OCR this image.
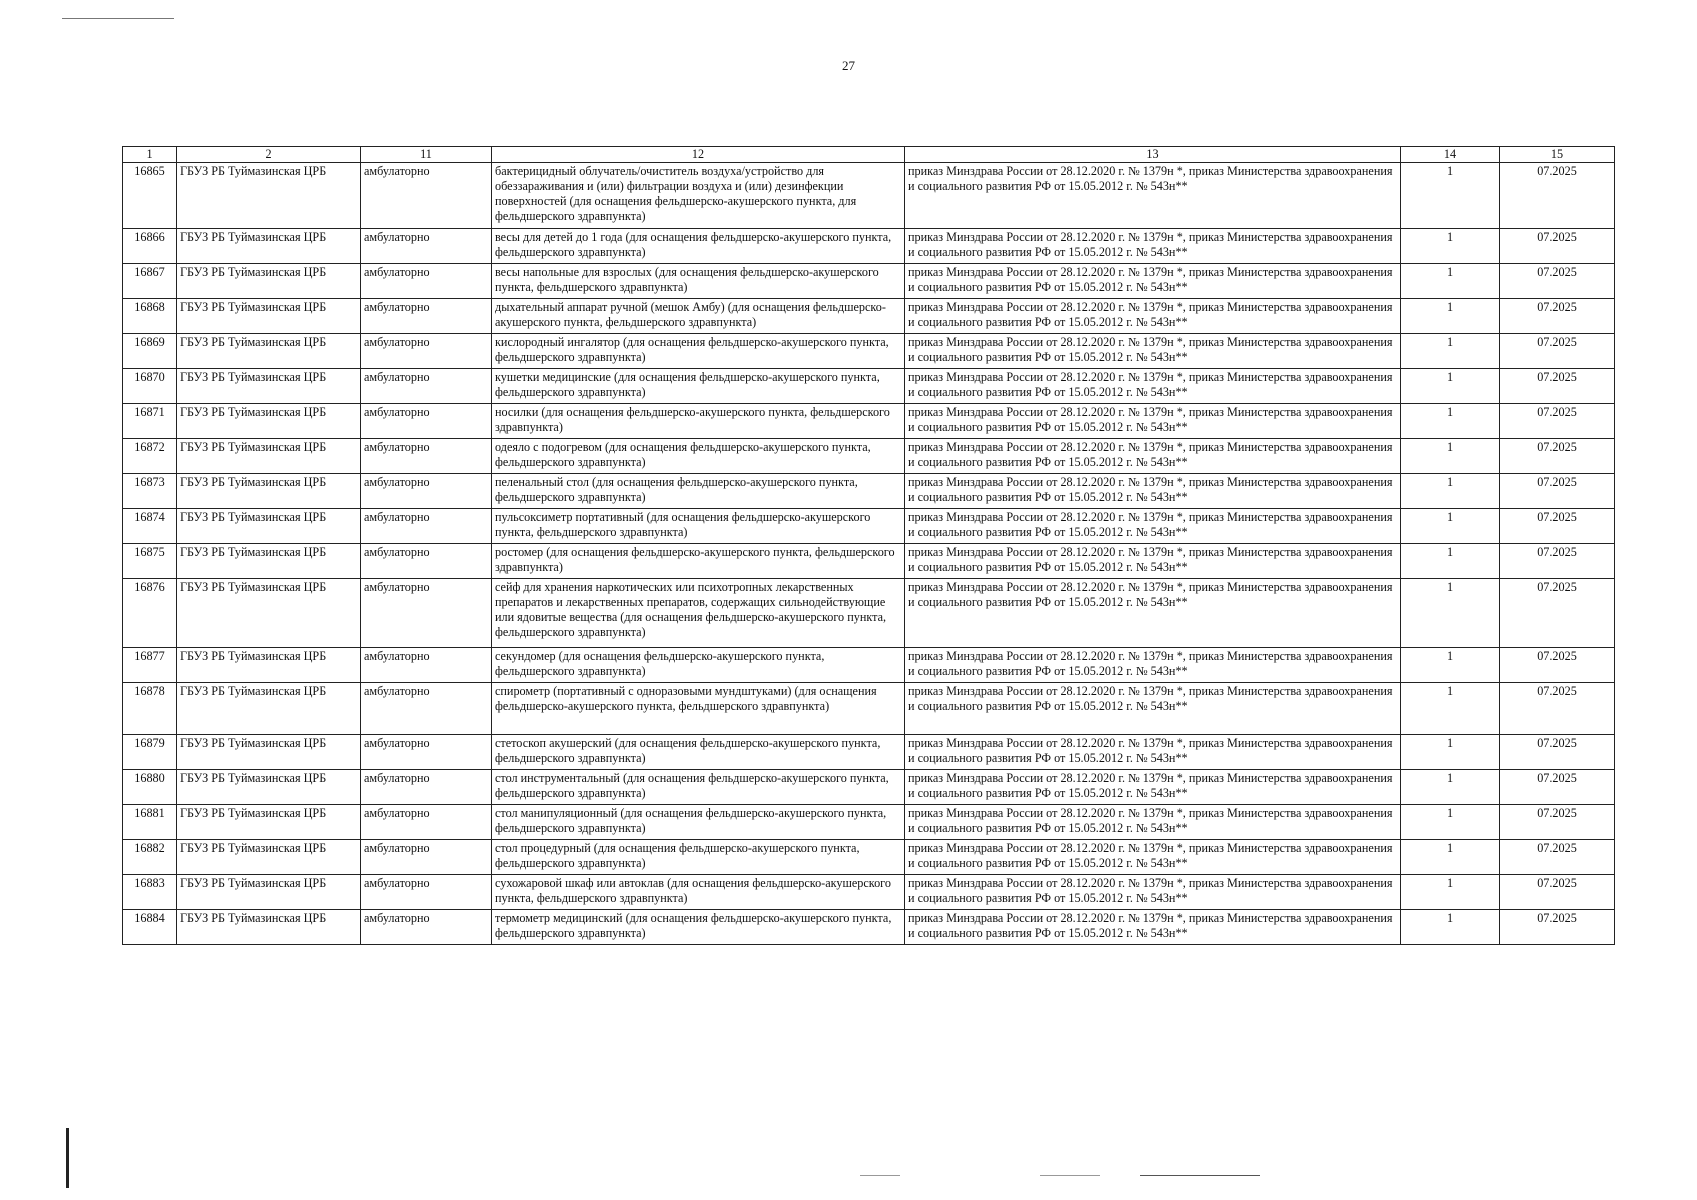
27
1	2	11	12	13	14	15
16865	ГБУЗ РБ Туймазинская ЦРБ	амбулаторно	бактерицидный облучатель/очиститель воздуха/устройство для обеззараживания и (или) фильтрации воздуха и (или) дезинфекции поверхностей (для оснащения фельдшерско-акушерского пункта, для фельдшерского здравпункта)	приказ Минздрава России от 28.12.2020 г. № 1379н *, приказ Министерства здравоохранения и социального развития РФ от 15.05.2012 г. № 543н**	1	07.2025
16866	ГБУЗ РБ Туймазинская ЦРБ	амбулаторно	весы для детей до 1 года (для оснащения фельдшерско-акушерского пункта, фельдшерского здравпункта)	приказ Минздрава России от 28.12.2020 г. № 1379н *, приказ Министерства здравоохранения и социального развития РФ от 15.05.2012 г. № 543н**	1	07.2025
16867	ГБУЗ РБ Туймазинская ЦРБ	амбулаторно	весы напольные для взрослых (для оснащения фельдшерско-акушерского пункта, фельдшерского здравпункта)	приказ Минздрава России от 28.12.2020 г. № 1379н *, приказ Министерства здравоохранения и социального развития РФ от 15.05.2012 г. № 543н**	1	07.2025
16868	ГБУЗ РБ Туймазинская ЦРБ	амбулаторно	дыхательный аппарат ручной (мешок Амбу) (для оснащения фельдшерско-акушерского пункта, фельдшерского здравпункта)	приказ Минздрава России от 28.12.2020 г. № 1379н *, приказ Министерства здравоохранения и социального развития РФ от 15.05.2012 г. № 543н**	1	07.2025
16869	ГБУЗ РБ Туймазинская ЦРБ	амбулаторно	кислородный ингалятор (для оснащения фельдшерско-акушерского пункта, фельдшерского здравпункта)	приказ Минздрава России от 28.12.2020 г. № 1379н *, приказ Министерства здравоохранения и социального развития РФ от 15.05.2012 г. № 543н**	1	07.2025
16870	ГБУЗ РБ Туймазинская ЦРБ	амбулаторно	кушетки медицинские (для оснащения фельдшерско-акушерского пункта, фельдшерского здравпункта)	приказ Минздрава России от 28.12.2020 г. № 1379н *, приказ Министерства здравоохранения и социального развития РФ от 15.05.2012 г. № 543н**	1	07.2025
16871	ГБУЗ РБ Туймазинская ЦРБ	амбулаторно	носилки (для оснащения фельдшерско-акушерского пункта, фельдшерского здравпункта)	приказ Минздрава России от 28.12.2020 г. № 1379н *, приказ Министерства здравоохранения и социального развития РФ от 15.05.2012 г. № 543н**	1	07.2025
16872	ГБУЗ РБ Туймазинская ЦРБ	амбулаторно	одеяло с подогревом (для оснащения фельдшерско-акушерского пункта, фельдшерского здравпункта)	приказ Минздрава России от 28.12.2020 г. № 1379н *, приказ Министерства здравоохранения и социального развития РФ от 15.05.2012 г. № 543н**	1	07.2025
16873	ГБУЗ РБ Туймазинская ЦРБ	амбулаторно	пеленальный стол (для оснащения фельдшерско-акушерского пункта, фельдшерского здравпункта)	приказ Минздрава России от 28.12.2020 г. № 1379н *, приказ Министерства здравоохранения и социального развития РФ от 15.05.2012 г. № 543н**	1	07.2025
16874	ГБУЗ РБ Туймазинская ЦРБ	амбулаторно	пульсоксиметр портативный (для оснащения фельдшерско-акушерского пункта, фельдшерского здравпункта)	приказ Минздрава России от 28.12.2020 г. № 1379н *, приказ Министерства здравоохранения и социального развития РФ от 15.05.2012 г. № 543н**	1	07.2025
16875	ГБУЗ РБ Туймазинская ЦРБ	амбулаторно	ростомер (для оснащения фельдшерско-акушерского пункта, фельдшерского здравпункта)	приказ Минздрава России от 28.12.2020 г. № 1379н *, приказ Министерства здравоохранения и социального развития РФ от 15.05.2012 г. № 543н**	1	07.2025
16876	ГБУЗ РБ Туймазинская ЦРБ	амбулаторно	сейф для хранения наркотических или психотропных лекарственных препаратов и лекарственных препаратов, содержащих сильнодействующие или ядовитые вещества (для оснащения фельдшерско-акушерского пункта, фельдшерского здравпункта)	приказ Минздрава России от 28.12.2020 г. № 1379н *, приказ Министерства здравоохранения и социального развития РФ от 15.05.2012 г. № 543н**	1	07.2025
16877	ГБУЗ РБ Туймазинская ЦРБ	амбулаторно	секундомер (для оснащения фельдшерско-акушерского пункта, фельдшерского здравпункта)	приказ Минздрава России от 28.12.2020 г. № 1379н *, приказ Министерства здравоохранения и социального развития РФ от 15.05.2012 г. № 543н**	1	07.2025
16878	ГБУЗ РБ Туймазинская ЦРБ	амбулаторно	спирометр (портативный с одноразовыми мундштуками) (для оснащения фельдшерско-акушерского пункта, фельдшерского здравпункта)	приказ Минздрава России от 28.12.2020 г. № 1379н *, приказ Министерства здравоохранения и социального развития РФ от 15.05.2012 г. № 543н**	1	07.2025
16879	ГБУЗ РБ Туймазинская ЦРБ	амбулаторно	стетоскоп акушерский (для оснащения фельдшерско-акушерского пункта, фельдшерского здравпункта)	приказ Минздрава России от 28.12.2020 г. № 1379н *, приказ Министерства здравоохранения и социального развития РФ от 15.05.2012 г. № 543н**	1	07.2025
16880	ГБУЗ РБ Туймазинская ЦРБ	амбулаторно	стол инструментальный (для оснащения фельдшерско-акушерского пункта, фельдшерского здравпункта)	приказ Минздрава России от 28.12.2020 г. № 1379н *, приказ Министерства здравоохранения и социального развития РФ от 15.05.2012 г. № 543н**	1	07.2025
16881	ГБУЗ РБ Туймазинская ЦРБ	амбулаторно	стол манипуляционный (для оснащения фельдшерско-акушерского пункта, фельдшерского здравпункта)	приказ Минздрава России от 28.12.2020 г. № 1379н *, приказ Министерства здравоохранения и социального развития РФ от 15.05.2012 г. № 543н**	1	07.2025
16882	ГБУЗ РБ Туймазинская ЦРБ	амбулаторно	стол процедурный (для оснащения фельдшерско-акушерского пункта, фельдшерского здравпункта)	приказ Минздрава России от 28.12.2020 г. № 1379н *, приказ Министерства здравоохранения и социального развития РФ от 15.05.2012 г. № 543н**	1	07.2025
16883	ГБУЗ РБ Туймазинская ЦРБ	амбулаторно	сухожаровой шкаф или автоклав (для оснащения фельдшерско-акушерского пункта, фельдшерского здравпункта)	приказ Минздрава России от 28.12.2020 г. № 1379н *, приказ Министерства здравоохранения и социального развития РФ от 15.05.2012 г. № 543н**	1	07.2025
16884	ГБУЗ РБ Туймазинская ЦРБ	амбулаторно	термометр медицинский (для оснащения фельдшерско-акушерского пункта, фельдшерского здравпункта)	приказ Минздрава России от 28.12.2020 г. № 1379н *, приказ Министерства здравоохранения и социального развития РФ от 15.05.2012 г. № 543н**	1	07.2025
